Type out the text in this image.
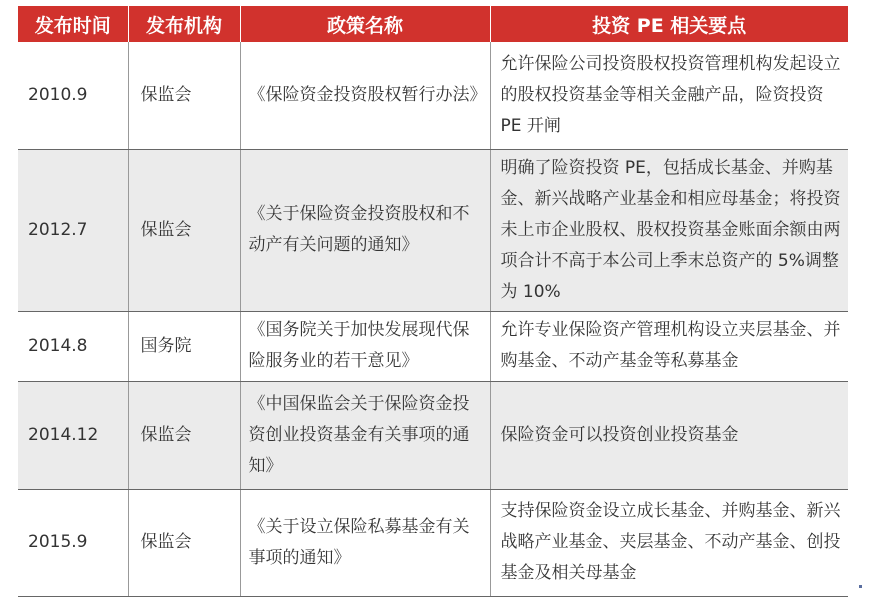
发布时间	发布机构	政策名称	投资 PE 相关要点
2010.9	保监会	《保险资金投资股权暂行办法》	允许保险公司投资股权投资管理机构发起设立的股权投资基金等相关金融产品，险资投资 PE 开闸
2012.7	保监会	《关于保险资金投资股权和不动产有关问题的通知》	明确了险资投资 PE，包括成长基金、并购基金、新兴战略产业基金和相应母基金；将投资未上市企业股权、股权投资基金账面余额由两项合计不高于本公司上季末总资产的 5%调整为 10%
2014.8	国务院	《国务院关于加快发展现代保险服务业的若干意见》	允许专业保险资产管理机构设立夹层基金、并购基金、不动产基金等私募基金
2014.12	保监会	《中国保监会关于保险资金投资创业投资基金有关事项的通知》	保险资金可以投资创业投资基金
2015.9	保监会	《关于设立保险私募基金有关事项的通知》	支持保险资金设立成长基金、并购基金、新兴战略产业基金、夹层基金、不动产基金、创投基金及相关母基金
